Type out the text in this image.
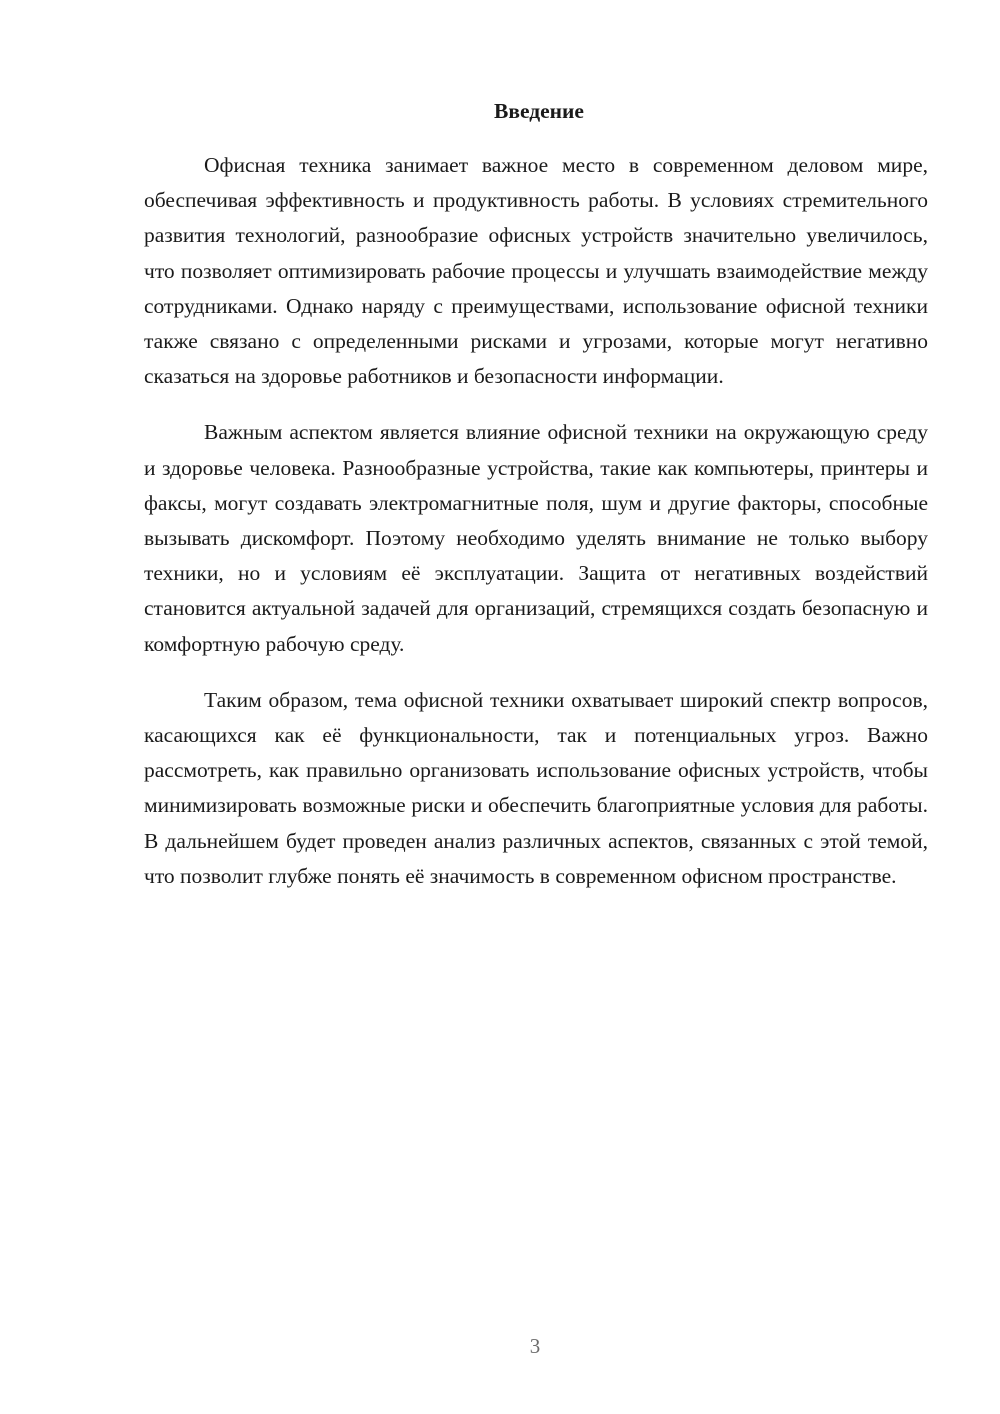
Введение

Офисная техника занимает важное место в современном деловом мире, обеспечивая эффективность и продуктивность работы. В условиях стремительного развития технологий, разнообразие офисных устройств значительно увеличилось, что позволяет оптимизировать рабочие процессы и улучшать взаимодействие между сотрудниками. Однако наряду с преимуществами, использование офисной техники также связано с определенными рисками и угрозами, которые могут негативно сказаться на здоровье работников и безопасности информации.

Важным аспектом является влияние офисной техники на окружающую среду и здоровье человека. Разнообразные устройства, такие как компьютеры, принтеры и факсы, могут создавать электромагнитные поля, шум и другие факторы, способные вызывать дискомфорт. Поэтому необходимо уделять внимание не только выбору техники, но и условиям её эксплуатации. Защита от негативных воздействий становится актуальной задачей для организаций, стремящихся создать безопасную и комфортную рабочую среду.

Таким образом, тема офисной техники охватывает широкий спектр вопросов, касающихся как её функциональности, так и потенциальных угроз. Важно рассмотреть, как правильно организовать использование офисных устройств, чтобы минимизировать возможные риски и обеспечить благоприятные условия для работы. В дальнейшем будет проведен анализ различных аспектов, связанных с этой темой, что позволит глубже понять её значимость в современном офисном пространстве.

3
